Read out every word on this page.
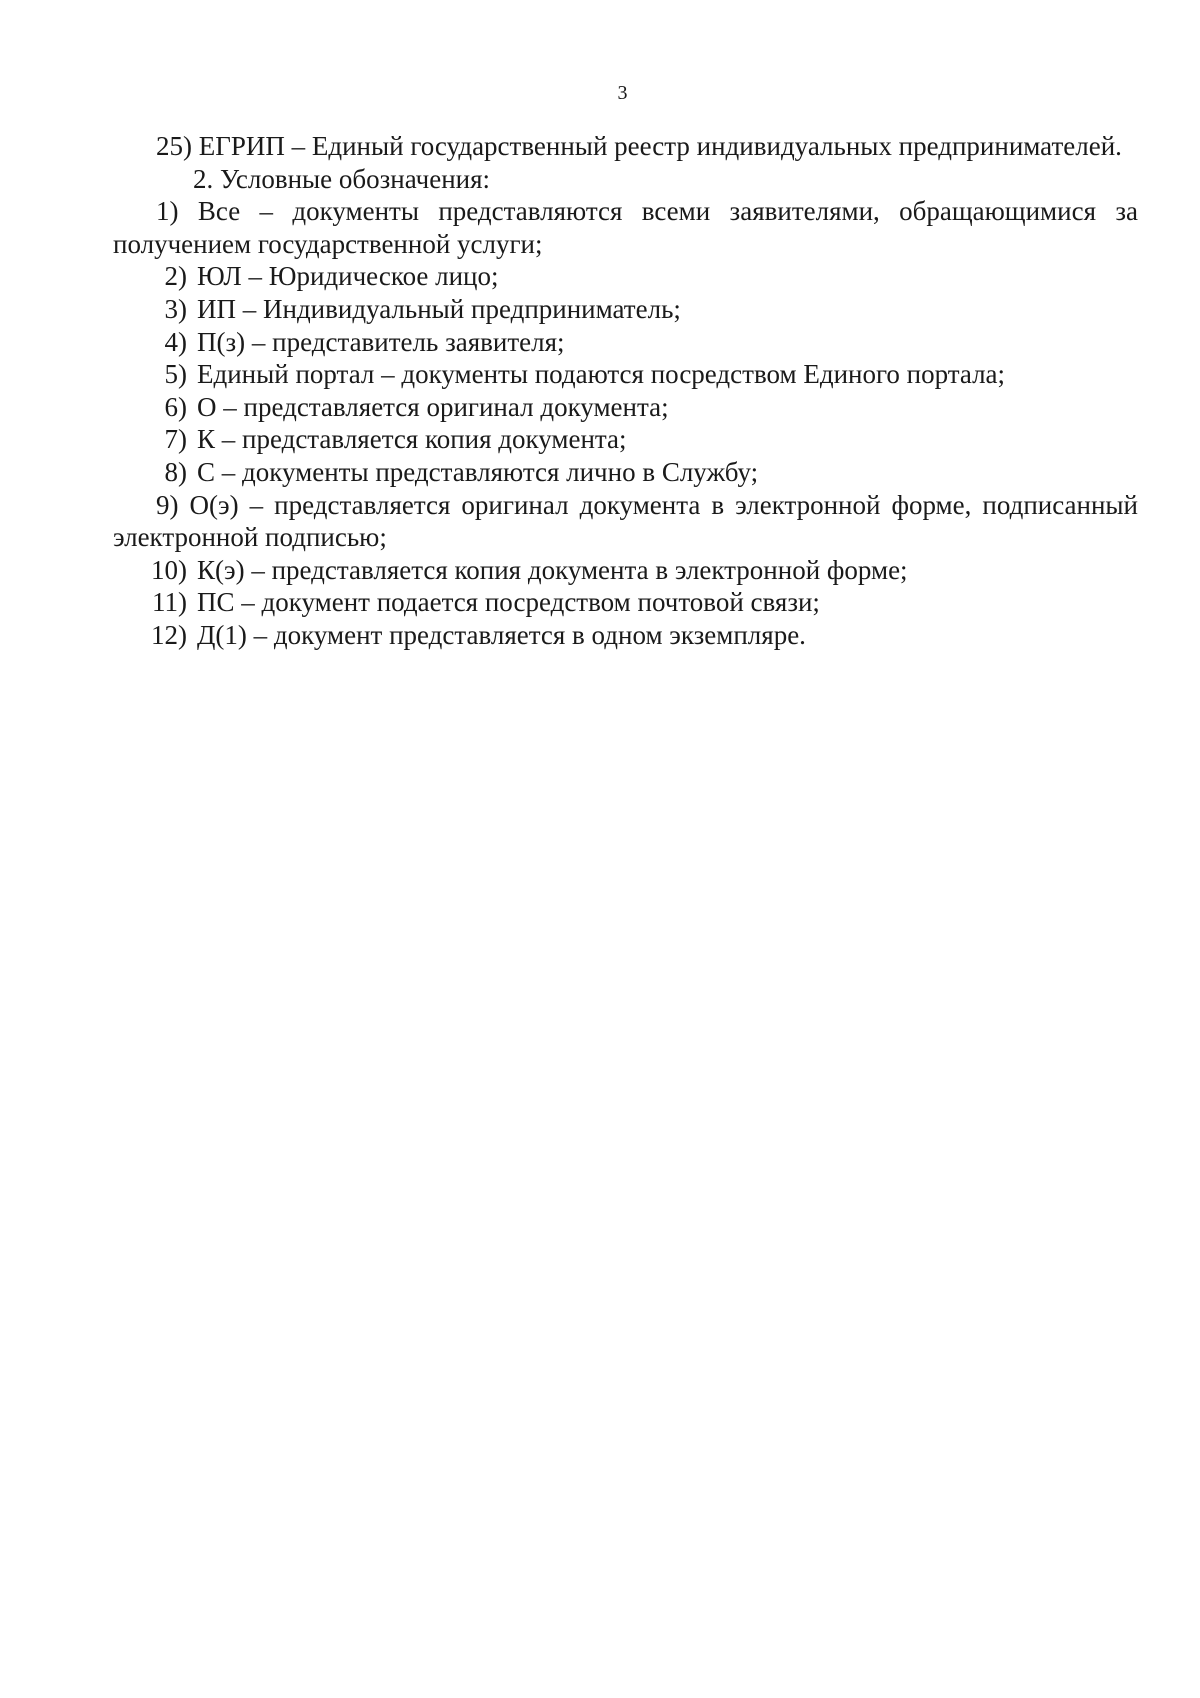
3

25) ЕГРИП – Единый государственный реестр индивидуальных предпринимателей.

2. Условные обозначения:

1) Все – документы представляются всеми заявителями, обращающимися за получением государственной услуги;

2) ЮЛ – Юридическое лицо;

3) ИП – Индивидуальный предприниматель;

4) П(з) – представитель заявителя;

5) Единый портал – документы подаются посредством Единого портала;

6) О – представляется оригинал документа;

7) К – представляется копия документа;

8) С – документы представляются лично в Службу;

9) О(э) – представляется оригинал документа в электронной форме, подписанный электронной подписью;

10) К(э) – представляется копия документа в электронной форме;

11) ПС – документ подается посредством почтовой связи;

12) Д(1) – документ представляется в одном экземпляре.
